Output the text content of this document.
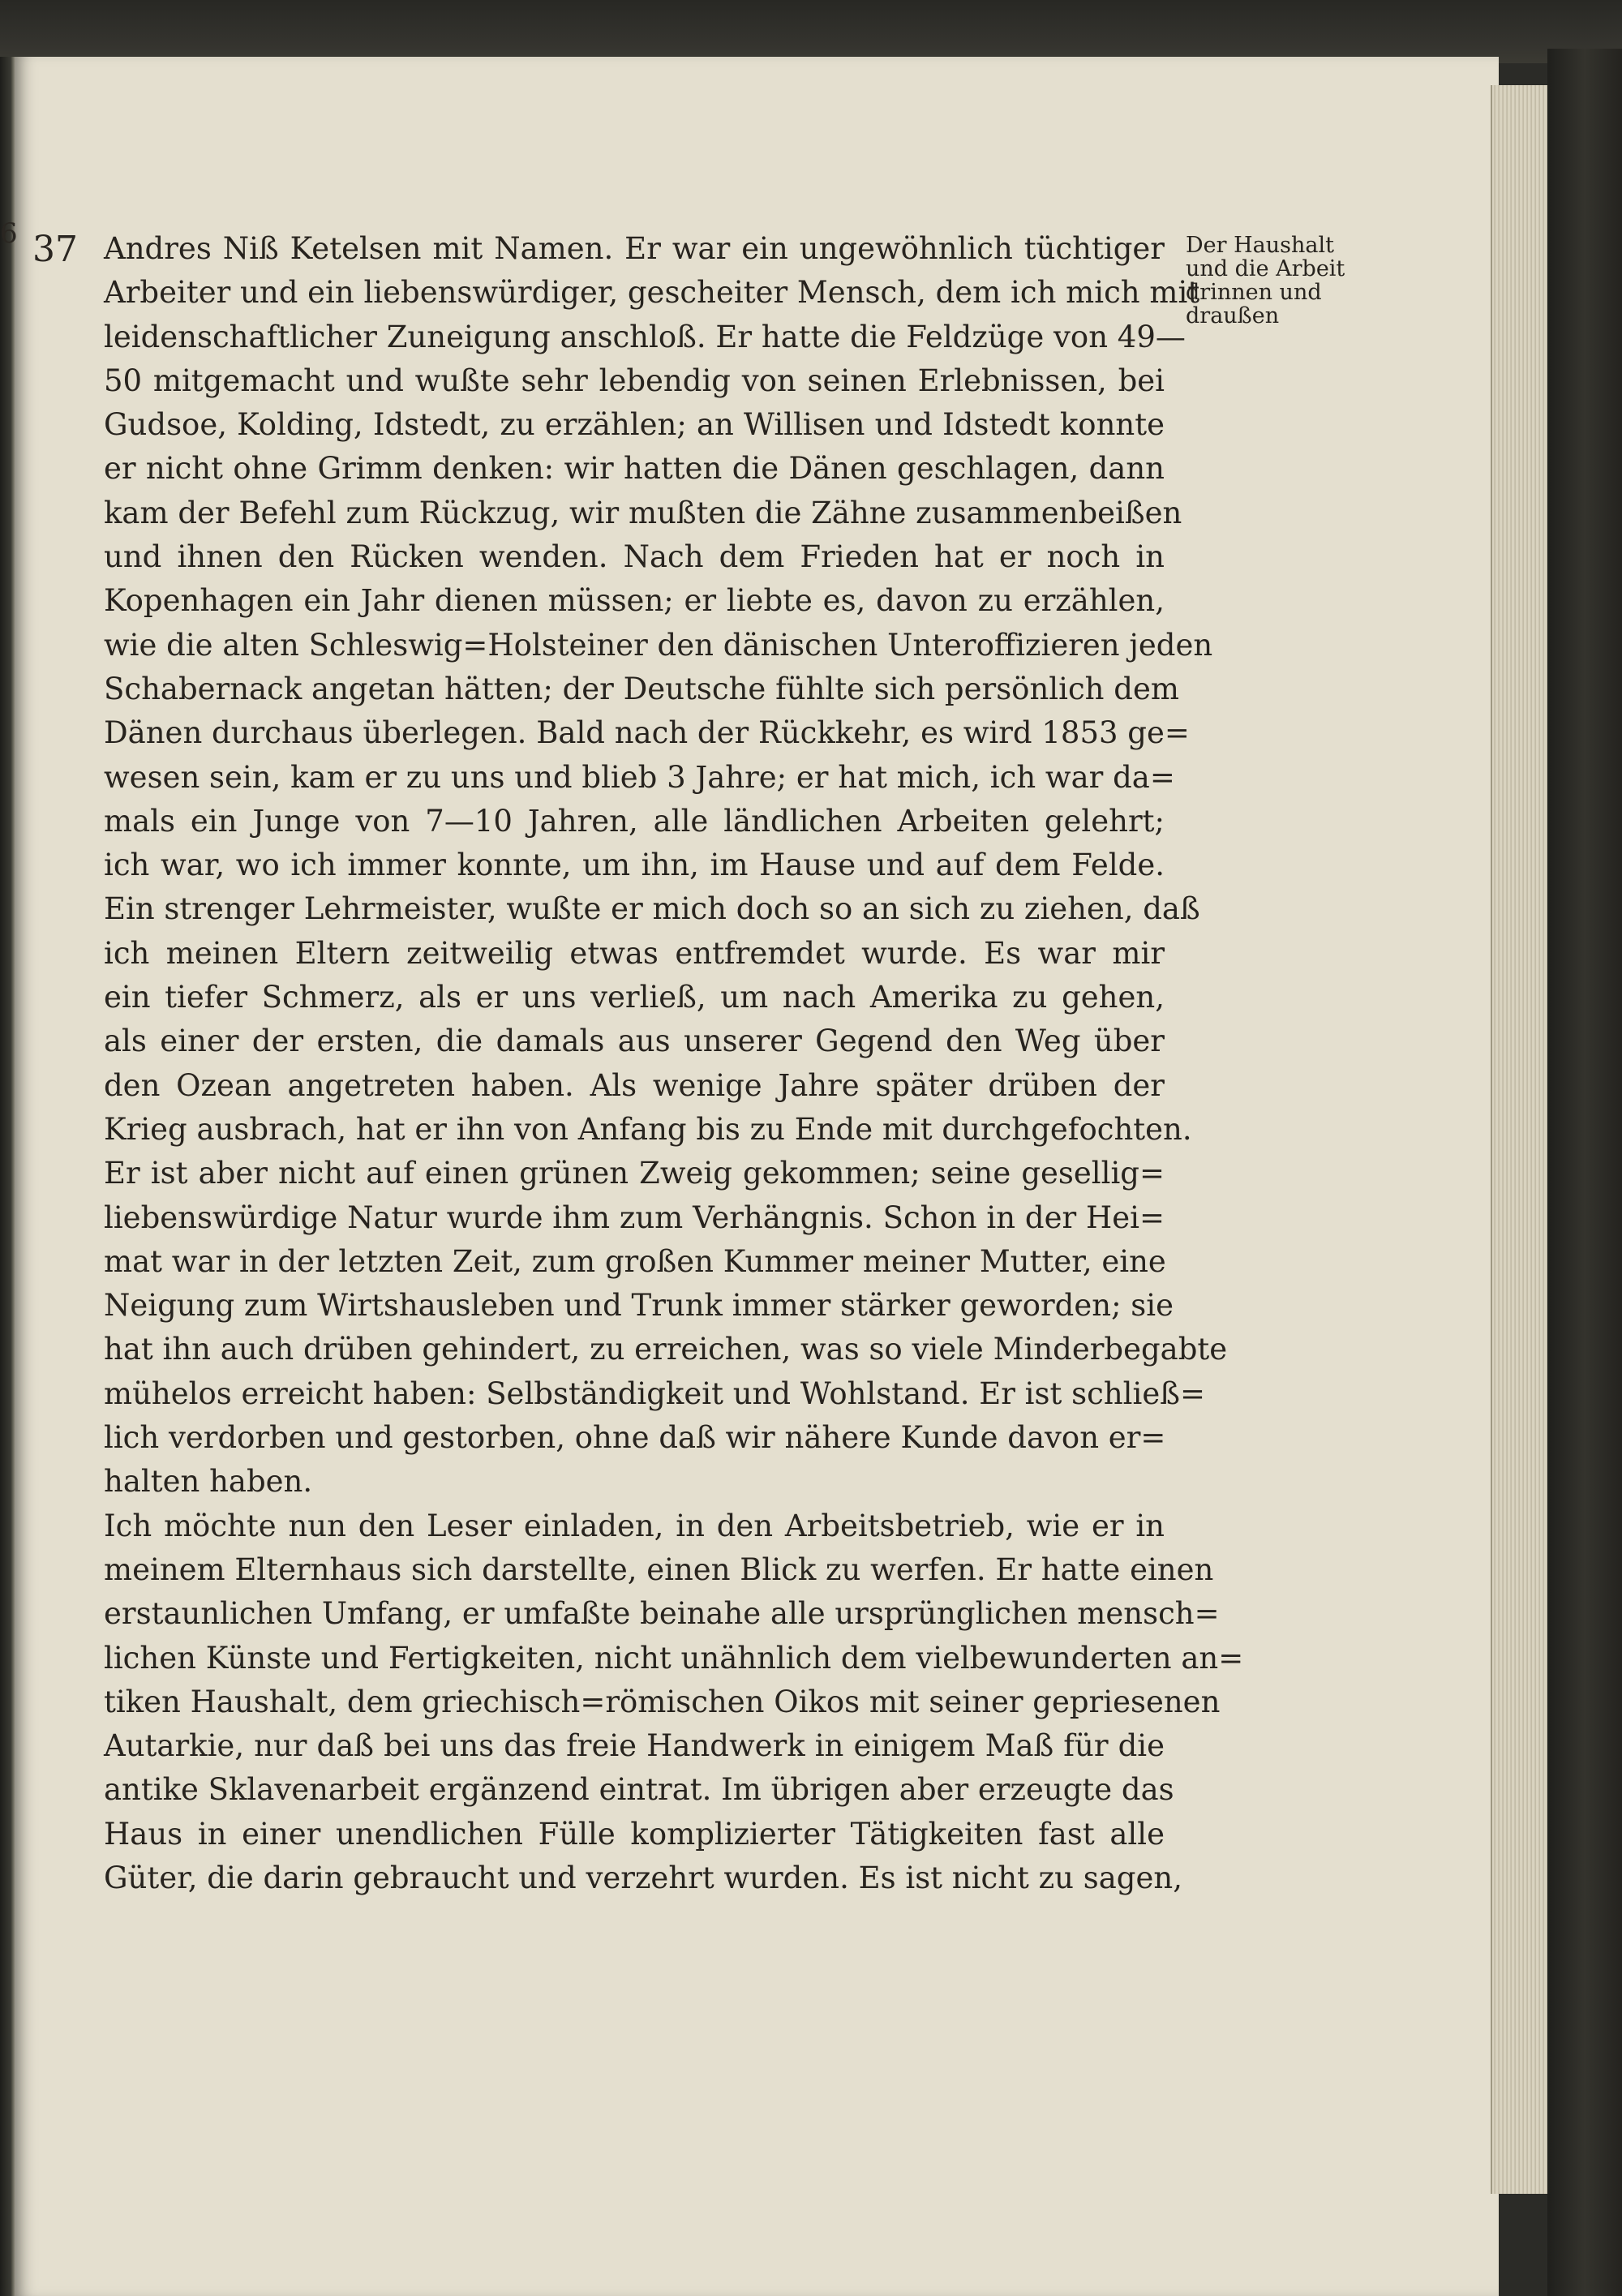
6 37	Der Haushalt
und die Arbeit
drinnen und
draußen
Andres Niß Ketelsen mit Namen. Er war ein ungewöhnlich tüchtiger
Arbeiter und ein liebenswürdiger, gescheiter Mensch, dem ich mich mit
leidenschaftlicher Zuneigung anschloß. Er hatte die Feldzüge von 49—
50 mitgemacht und wußte sehr lebendig von seinen Erlebnissen, bei
Gudsoe, Kolding, Idstedt, zu erzählen; an Willisen und Idstedt konnte
er nicht ohne Grimm denken: wir hatten die Dänen geschlagen, dann
kam der Befehl zum Rückzug, wir mußten die Zähne zusammenbeißen
und ihnen den Rücken wenden. Nach dem Frieden hat er noch in
Kopenhagen ein Jahr dienen müssen; er liebte es, davon zu erzählen,
wie die alten Schleswig=Holsteiner den dänischen Unteroffizieren jeden
Schabernack angetan hätten; der Deutsche fühlte sich persönlich dem
Dänen durchaus überlegen. Bald nach der Rückkehr, es wird 1853 ge=
wesen sein, kam er zu uns und blieb 3 Jahre; er hat mich, ich war da=
mals ein Junge von 7—10 Jahren, alle ländlichen Arbeiten gelehrt;
ich war, wo ich immer konnte, um ihn, im Hause und auf dem Felde.
Ein strenger Lehrmeister, wußte er mich doch so an sich zu ziehen, daß
ich meinen Eltern zeitweilig etwas entfremdet wurde. Es war mir
ein tiefer Schmerz, als er uns verließ, um nach Amerika zu gehen,
als einer der ersten, die damals aus unserer Gegend den Weg über
den Ozean angetreten haben. Als wenige Jahre später drüben der
Krieg ausbrach, hat er ihn von Anfang bis zu Ende mit durchgefochten.
Er ist aber nicht auf einen grünen Zweig gekommen; seine gesellig=
liebenswürdige Natur wurde ihm zum Verhängnis. Schon in der Hei=
mat war in der letzten Zeit, zum großen Kummer meiner Mutter, eine
Neigung zum Wirtshausleben und Trunk immer stärker geworden; sie
hat ihn auch drüben gehindert, zu erreichen, was so viele Minderbegabte
mühelos erreicht haben: Selbständigkeit und Wohlstand. Er ist schließ=
lich verdorben und gestorben, ohne daß wir nähere Kunde davon er=
halten haben.
Ich möchte nun den Leser einladen, in den Arbeitsbetrieb, wie er in
meinem Elternhaus sich darstellte, einen Blick zu werfen. Er hatte einen
erstaunlichen Umfang, er umfaßte beinahe alle ursprünglichen mensch=
lichen Künste und Fertigkeiten, nicht unähnlich dem vielbewunderten an=
tiken Haushalt, dem griechisch=römischen Oikos mit seiner gepriesenen
Autarkie, nur daß bei uns das freie Handwerk in einigem Maß für die
antike Sklavenarbeit ergänzend eintrat. Im übrigen aber erzeugte das
Haus in einer unendlichen Fülle komplizierter Tätigkeiten fast alle
Güter, die darin gebraucht und verzehrt wurden. Es ist nicht zu sagen,
